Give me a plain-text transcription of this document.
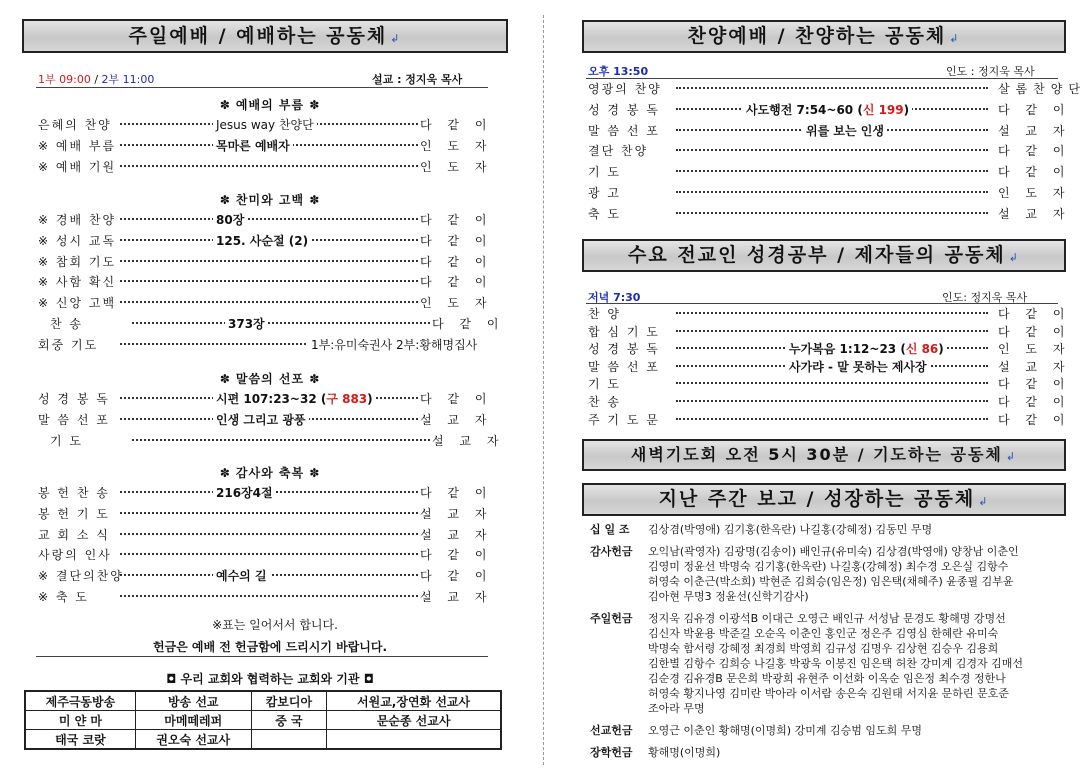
주일예배 / 예배하는 공동체 ↲
1부 09:00 / 2부 11:00	설교 : 정지욱 목사
✽ 예배의 부름 ✽
은혜의 찬양	Jesus way 찬양단	다 같 이
※ 예배 부름	목마른 예배자	인 도 자
※ 예배 기원	인 도 자
✽ 찬미와 고백 ✽
※ 경배 찬양	80장	다 같 이
※ 성시 교독	125. 사순절 (2)	다 같 이
※ 참회 기도	다 같 이
※ 사함 확신	다 같 이
※ 신앙 고백	인 도 자
찬 송	373장	다 같 이
회중 기도	1부:유미숙권사 2부:황해명집사
✽ 말씀의 선포 ✽
성 경 봉 독	시편 107:23~32 (구 883)	다 같 이
말 씀 선 포	인생 그리고 광풍	설 교 자
기 도	설 교 자
✽ 감사와 축복 ✽
봉 헌 찬 송	216장4절	다 같 이
봉 헌 기 도	설 교 자
교 회 소 식	설 교 자
사랑의 인사	다 같 이
※ 결단의찬양	예수의 길	다 같 이
※ 축 도	설 교 자
※표는 일어서서 합니다.
헌금은 예배 전 헌금함에 드리시기 바랍니다.
◘ 우리 교회와 협력하는 교회와 기관 ◘
제주극동방송	방송 선교	캄보디아	서원교,장연화 선교사
미 얀 마	마메떼레퍼	중 국	문순종 선교사
태국 코랏	권오숙 선교사		
찬양예배 / 찬양하는 공동체 ↲
오후 13:50	인도 : 정지욱 목사
영광의 찬양	살롬찬양단
성 경 봉 독	사도행전 7:54~60 (신 199)	다 같 이
말 씀 선 포	위를 보는 인생	설 교 자
결단 찬양	다 같 이
기 도	다 같 이
광 고	인 도 자
축 도	설 교 자
수요 전교인 성경공부 / 제자들의 공동체 ↲
저녁 7:30	인도: 정지욱 목사
찬 양	다 같 이
합 심 기 도	다 같 이
성 경 봉 독	누가복음 1:12~23 (신 86)	인 도 자
말 씀 선 포	사가랴 - 말 못하는 제사장	설 교 자
기 도	다 같 이
찬 송	다 같 이
주 기 도 문	다 같 이
새벽기도회 오전 5시 30분 / 기도하는 공동체 ↲
지난 주간 보고 / 성장하는 공동체 ↲
십 일 조 김상겸(박영애) 김기홍(한옥란) 나길홍(강혜정) 김동민 무명
감사헌금 오익남(곽영자) 김광명(김송이) 배인규(유미숙) 김상겸(박영애) 양창남 이춘인
김영미 정윤선 박명숙 김기홍(한옥란) 나길홍(강혜정) 최수경 오은실 김항수
허영숙 이춘근(박소희) 박현준 김희승(임은정) 임은택(채혜주) 윤종필 김부윤
김아현 무명3 정윤선(신학기감사)
주일헌금 정지욱 김유경 이광석B 이대근 오영근 배인규 서성남 문경도 황해명 강명선
김신자 박윤용 박준길 오순옥 이춘인 홍인군 정은주 김영심 한혜란 유미숙
박명숙 함서령 강혜정 최경희 박영희 김규성 김명우 김상현 김승우 김용희
김한별 김항수 김희승 나길홍 박광욱 이봉진 임은택 허찬 강미계 김경자 김매선
김순경 김유경B 문은희 박광희 유현주 이선화 이옥순 임은정 최수경 정한나
허영숙 황지나영 김미란 박아라 이서람 송은숙 김원태 서지윤 문하린 문호준
조아라 무명
선교헌금 오영근 이춘인 황해명(이명희) 강미계 김승범 임도희 무명
장학헌금 황해명(이명희)
